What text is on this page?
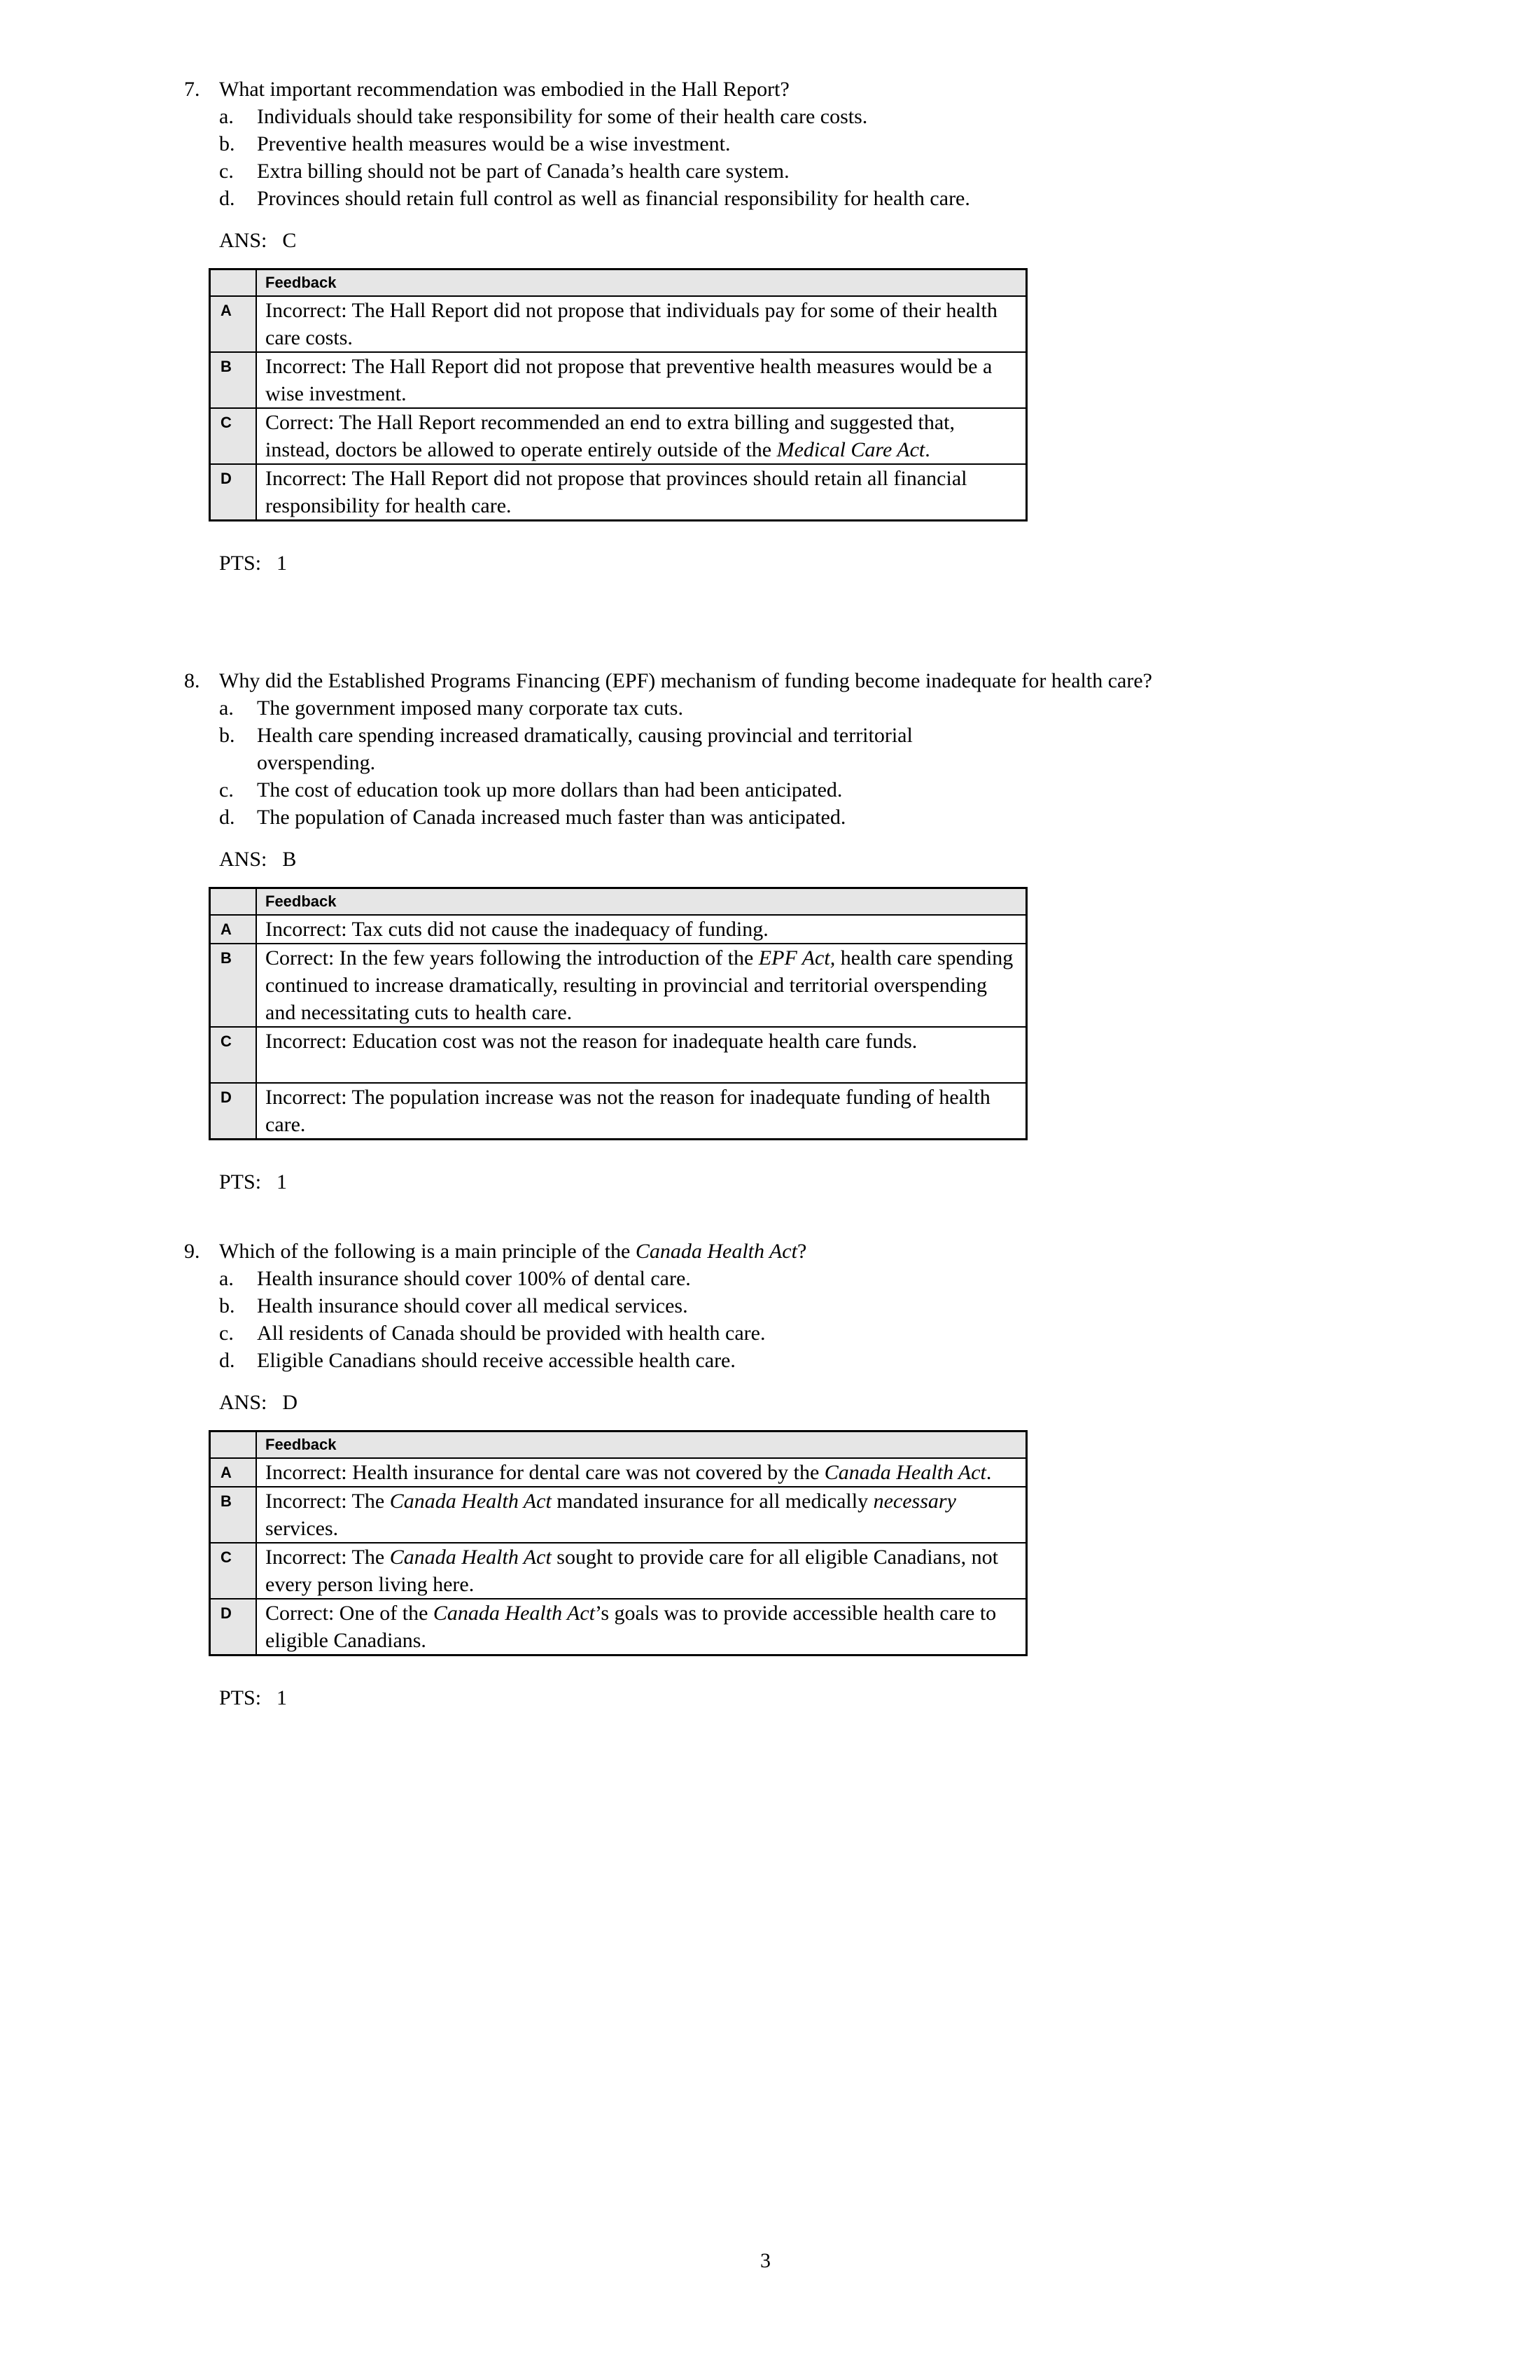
7. What important recommendation was embodied in the Hall Report?
a. Individuals should take responsibility for some of their health care costs.
b. Preventive health measures would be a wise investment.
c. Extra billing should not be part of Canada’s health care system.
d. Provinces should retain full control as well as financial responsibility for health care.
ANS: C
	Feedback
A	Incorrect: The Hall Report did not propose that individuals pay for some of their health care costs.
B	Incorrect: The Hall Report did not propose that preventive health measures would be a wise investment.
C	Correct: The Hall Report recommended an end to extra billing and suggested that, instead, doctors be allowed to operate entirely outside of the Medical Care Act.
D	Incorrect: The Hall Report did not propose that provinces should retain all financial responsibility for health care.
PTS: 1
8. Why did the Established Programs Financing (EPF) mechanism of funding become inadequate for health care?
a. The government imposed many corporate tax cuts.
b. Health care spending increased dramatically, causing provincial and territorial overspending.
c. The cost of education took up more dollars than had been anticipated.
d. The population of Canada increased much faster than was anticipated.
ANS: B
	Feedback
A	Incorrect: Tax cuts did not cause the inadequacy of funding.
B	Correct: In the few years following the introduction of the EPF Act, health care spending continued to increase dramatically, resulting in provincial and territorial overspending and necessitating cuts to health care.
C	Incorrect: Education cost was not the reason for inadequate health care funds.
D	Incorrect: The population increase was not the reason for inadequate funding of health care.
PTS: 1
9. Which of the following is a main principle of the Canada Health Act?
a. Health insurance should cover 100% of dental care.
b. Health insurance should cover all medical services.
c. All residents of Canada should be provided with health care.
d. Eligible Canadians should receive accessible health care.
ANS: D
	Feedback
A	Incorrect: Health insurance for dental care was not covered by the Canada Health Act.
B	Incorrect: The Canada Health Act mandated insurance for all medically necessary services.
C	Incorrect: The Canada Health Act sought to provide care for all eligible Canadians, not every person living here.
D	Correct: One of the Canada Health Act’s goals was to provide accessible health care to eligible Canadians.
PTS: 1
3
